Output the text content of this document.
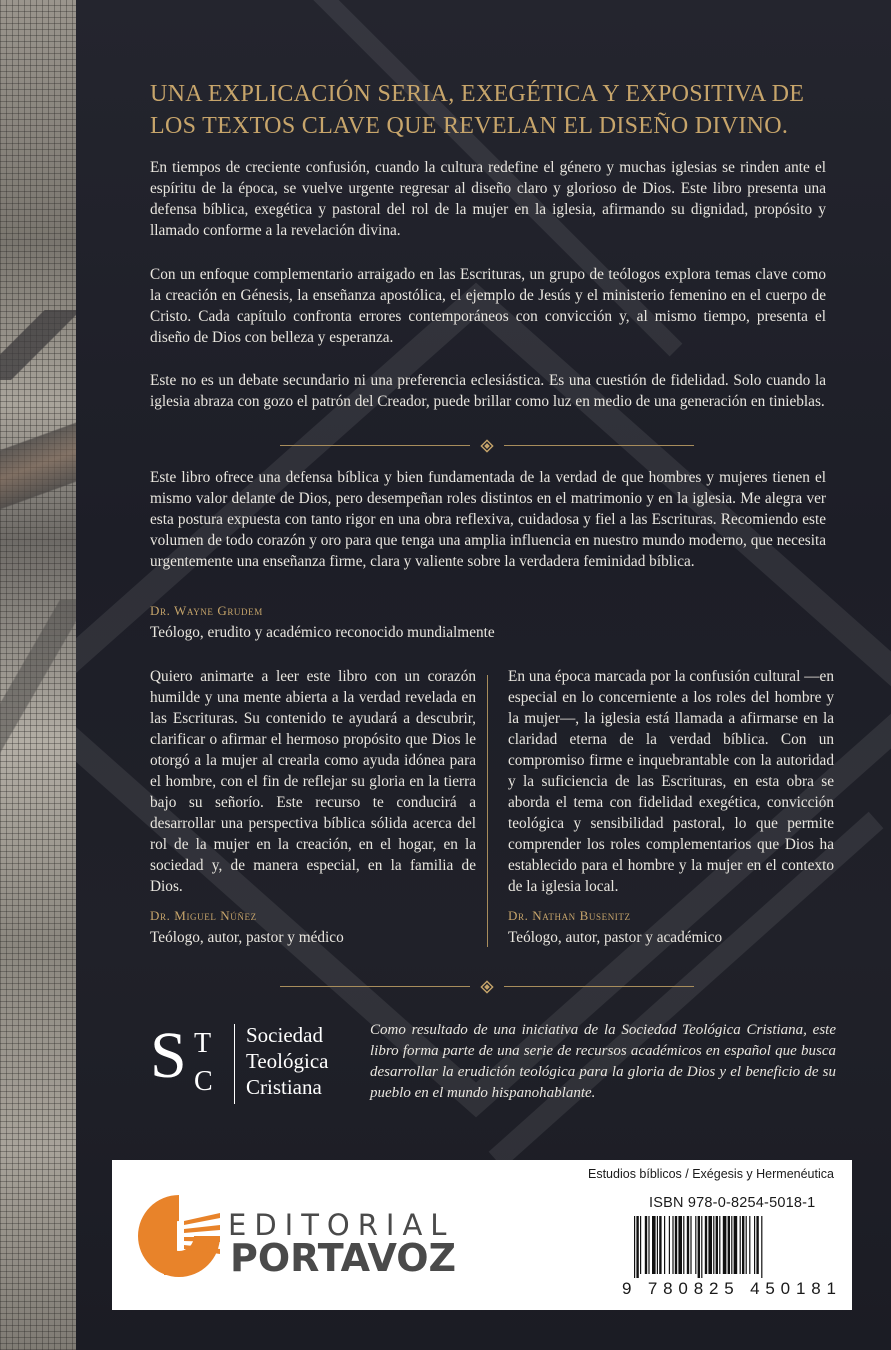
UNA EXPLICACIÓN SERIA, EXEGÉTICA Y EXPOSITIVA DE LOS TEXTOS CLAVE QUE REVELAN EL DISEÑO DIVINO.

En tiempos de creciente confusión, cuando la cultura redefine el género y muchas iglesias se rinden ante el espíritu de la época, se vuelve urgente regresar al diseño claro y glorioso de Dios. Este libro presenta una defensa bíblica, exegética y pastoral del rol de la mujer en la iglesia, afirmando su dignidad, propósito y llamado conforme a la revelación divina.

Con un enfoque complementario arraigado en las Escrituras, un grupo de teólogos explora temas clave como la creación en Génesis, la enseñanza apostólica, el ejemplo de Jesús y el ministerio femenino en el cuerpo de Cristo. Cada capítulo confronta errores contemporáneos con convicción y, al mismo tiempo, presenta el diseño de Dios con belleza y esperanza.

Este no es un debate secundario ni una preferencia eclesiástica. Es una cuestión de fidelidad. Solo cuando la iglesia abraza con gozo el patrón del Creador, puede brillar como luz en medio de una generación en tinieblas.

Este libro ofrece una defensa bíblica y bien fundamentada de la verdad de que hombres y mujeres tienen el mismo valor delante de Dios, pero desempeñan roles distintos en el matrimonio y en la iglesia. Me alegra ver esta postura expuesta con tanto rigor en una obra reflexiva, cuidadosa y fiel a las Escrituras. Recomiendo este volumen de todo corazón y oro para que tenga una amplia influencia en nuestro mundo moderno, que necesita urgentemente una enseñanza firme, clara y valiente sobre la verdadera feminidad bíblica.

Dr. Wayne Grudem
Teólogo, erudito y académico reconocido mundialmente

Quiero animarte a leer este libro con un corazón humilde y una mente abierta a la verdad revelada en las Escrituras. Su contenido te ayudará a descubrir, clarificar o afirmar el hermoso propósito que Dios le otorgó a la mujer al crearla como ayuda idónea para el hombre, con el fin de reflejar su gloria en la tierra bajo su señorío. Este recurso te conducirá a desarrollar una perspectiva bíblica sólida acerca del rol de la mujer en la creación, en el hogar, en la sociedad y, de manera especial, en la familia de Dios.

Dr. Miguel Núñez
Teólogo, autor, pastor y médico

En una época marcada por la confusión cultural —en especial en lo concerniente a los roles del hombre y la mujer—, la iglesia está llamada a afirmarse en la claridad eterna de la verdad bíblica. Con un compromiso firme e inquebrantable con la autoridad y la suficiencia de las Escrituras, en esta obra se aborda el tema con fidelidad exegética, convicción teológica y sensibilidad pastoral, lo que permite comprender los roles complementarios que Dios ha establecido para el hombre y la mujer en el contexto de la iglesia local.

Dr. Nathan Busenitz
Teólogo, autor, pastor y académico
S T
C
Sociedad
Teológica
Cristiana

Como resultado de una iniciativa de la Sociedad Teológica Cristiana, este libro forma parte de una serie de recursos académicos en español que busca desarrollar la erudición teológica para la gloria de Dios y el beneficio de su pueblo en el mundo hispanohablante.

EDITORIAL
PORTAVOZ
Estudios bíblicos / Exégesis y Hermenéutica
ISBN 978-0-8254-5018-1
9 780825 450181
